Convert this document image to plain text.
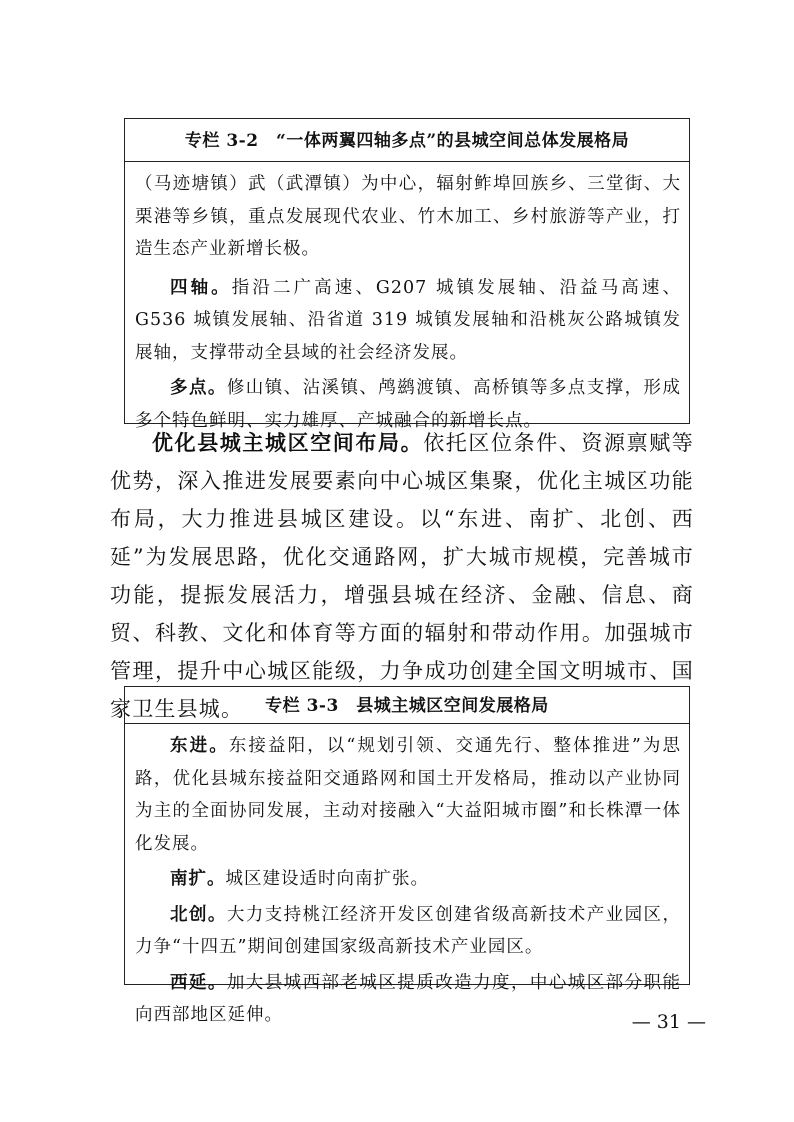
专栏 3-2　“一体两翼四轴多点”的县城空间总体发展格局

（马迹塘镇）武（武潭镇）为中心，辐射鲊埠回族乡、三堂街、大栗港等乡镇，重点发展现代农业、竹木加工、乡村旅游等产业，打造生态产业新增长极。

四轴。指沿二广高速、G207 城镇发展轴、沿益马高速、G536 城镇发展轴、沿省道 319 城镇发展轴和沿桃灰公路城镇发展轴，支撑带动全县域的社会经济发展。

多点。修山镇、沾溪镇、鸬鹚渡镇、高桥镇等多点支撑，形成多个特色鲜明、实力雄厚、产城融合的新增长点。

优化县城主城区空间布局。依托区位条件、资源禀赋等优势，深入推进发展要素向中心城区集聚，优化主城区功能布局，大力推进县城区建设。以“东进、南扩、北创、西延”为发展思路，优化交通路网，扩大城市规模，完善城市功能，提振发展活力，增强县城在经济、金融、信息、商贸、科教、文化和体育等方面的辐射和带动作用。加强城市管理，提升中心城区能级，力争成功创建全国文明城市、国家卫生县城。	专栏 3-3　县城主城区空间发展格局

东进。东接益阳，以“规划引领、交通先行、整体推进”为思路，优化县城东接益阳交通路网和国土开发格局，推动以产业协同为主的全面协同发展，主动对接融入“大益阳城市圈”和长株潭一体化发展。

南扩。城区建设适时向南扩张。

北创。大力支持桃江经济开发区创建省级高新技术产业园区，力争“十四五”期间创建国家级高新技术产业园区。

西延。加大县城西部老城区提质改造力度，中心城区部分职能向西部地区延伸。	— 31 —
